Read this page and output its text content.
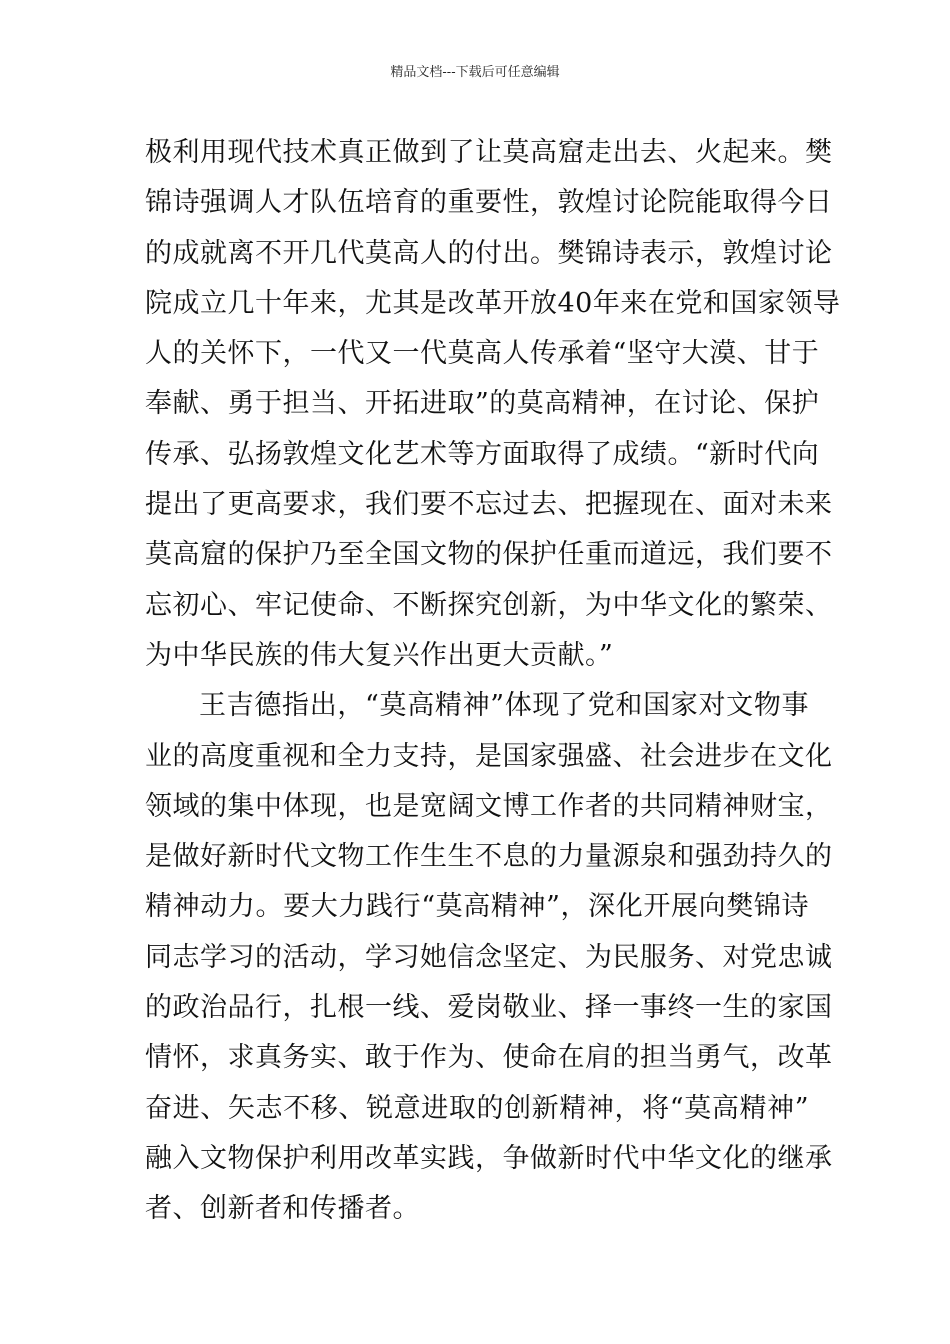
精品文档---下载后可任意编辑
极利用现代技术真正做到了让莫高窟走出去、火起来。樊
锦诗强调人才队伍培育的重要性，敦煌讨论院能取得今日
的成就离不开几代莫高人的付出。樊锦诗表示，敦煌讨论
院成立几十年来，尤其是改革开放40年来在党和国家领导
人的关怀下，一代又一代莫高人传承着“坚守大漠、甘于
奉献、勇于担当、开拓进取”的莫高精神，在讨论、保护
传承、弘扬敦煌文化艺术等方面取得了成绩。“新时代向
提出了更高要求，我们要不忘过去、把握现在、面对未来
莫高窟的保护乃至全国文物的保护任重而道远，我们要不
忘初心、牢记使命、不断探究创新，为中华文化的繁荣、
为中华民族的伟大复兴作出更大贡献。”
王吉德指出，“莫高精神”体现了党和国家对文物事
业的高度重视和全力支持，是国家强盛、社会进步在文化
领域的集中体现，也是宽阔文博工作者的共同精神财宝，
是做好新时代文物工作生生不息的力量源泉和强劲持久的
精神动力。要大力践行“莫高精神”，深化开展向樊锦诗
同志学习的活动，学习她信念坚定、为民服务、对党忠诚
的政治品行，扎根一线、爱岗敬业、择一事终一生的家国
情怀，求真务实、敢于作为、使命在肩的担当勇气，改革
奋进、矢志不移、锐意进取的创新精神，将“莫高精神”
融入文物保护利用改革实践，争做新时代中华文化的继承
者、创新者和传播者。
